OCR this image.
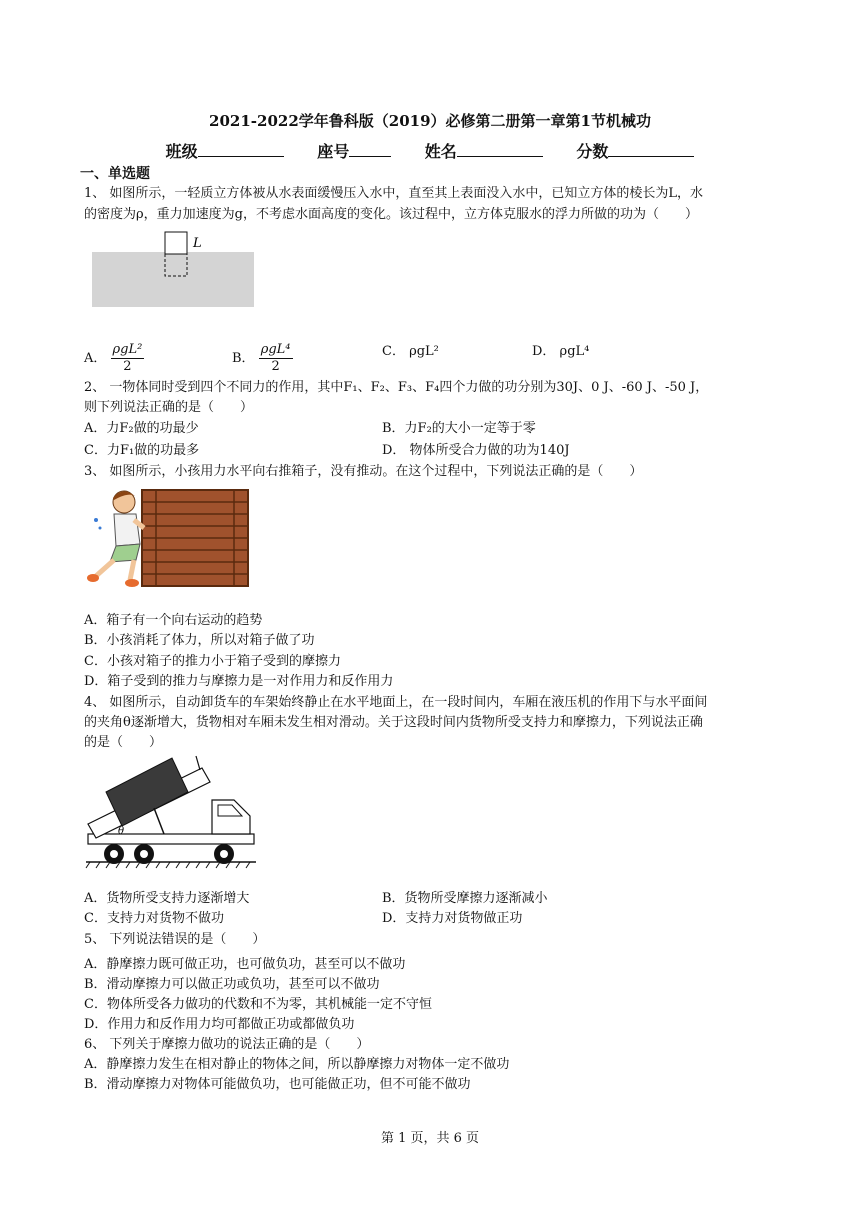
2021-2022学年鲁科版（2019）必修第二册第一章第1节机械功
班级	座号	姓名	分数
一、单选题
1、 如图所示，一轻质立方体被从水表面缓慢压入水中，直至其上表面没入水中，已知立方体的棱长为L，水
的密度为ρ，重力加速度为g，不考虑水面高度的变化。该过程中，立方体克服水的浮力所做的功为（　　）
L
A．
ρgL²
2
B．
ρgL⁴
2
C． ρgL²	D． ρgL⁴
2、 一物体同时受到四个不同力的作用，其中F₁、F₂、F₃、F₄四个力做的功分别为30J、0 J、-60 J、-50 J，
则下列说法正确的是（　　）
A．力F₂做的功最少	B．力F₂的大小一定等于零
C．力F₁做的功最多	D． 物体所受合力做的功为140J
3、 如图所示，小孩用力水平向右推箱子，没有推动。在这个过程中，下列说法正确的是（　　）
A．箱子有一个向右运动的趋势
B．小孩消耗了体力，所以对箱子做了功
C．小孩对箱子的推力小于箱子受到的摩擦力
D．箱子受到的推力与摩擦力是一对作用力和反作用力
4、 如图所示，自动卸货车的车架始终静止在水平地面上，在一段时间内，车厢在液压机的作用下与水平面间
的夹角θ逐渐增大，货物相对车厢未发生相对滑动。关于这段时间内货物所受支持力和摩擦力，下列说法正确
的是（　　）
θ
A．货物所受支持力逐渐增大	B．货物所受摩擦力逐渐减小
C．支持力对货物不做功	D．支持力对货物做正功
5、 下列说法错误的是（　　）
A．静摩擦力既可做正功，也可做负功，甚至可以不做功
B．滑动摩擦力可以做正功或负功，甚至可以不做功
C．物体所受各力做功的代数和不为零，其机械能一定不守恒
D．作用力和反作用力均可都做正功或都做负功
6、 下列关于摩擦力做功的说法正确的是（　　）
A．静摩擦力发生在相对静止的物体之间，所以静摩擦力对物体一定不做功
B．滑动摩擦力对物体可能做负功，也可能做正功，但不可能不做功
第 1 页，共 6 页
